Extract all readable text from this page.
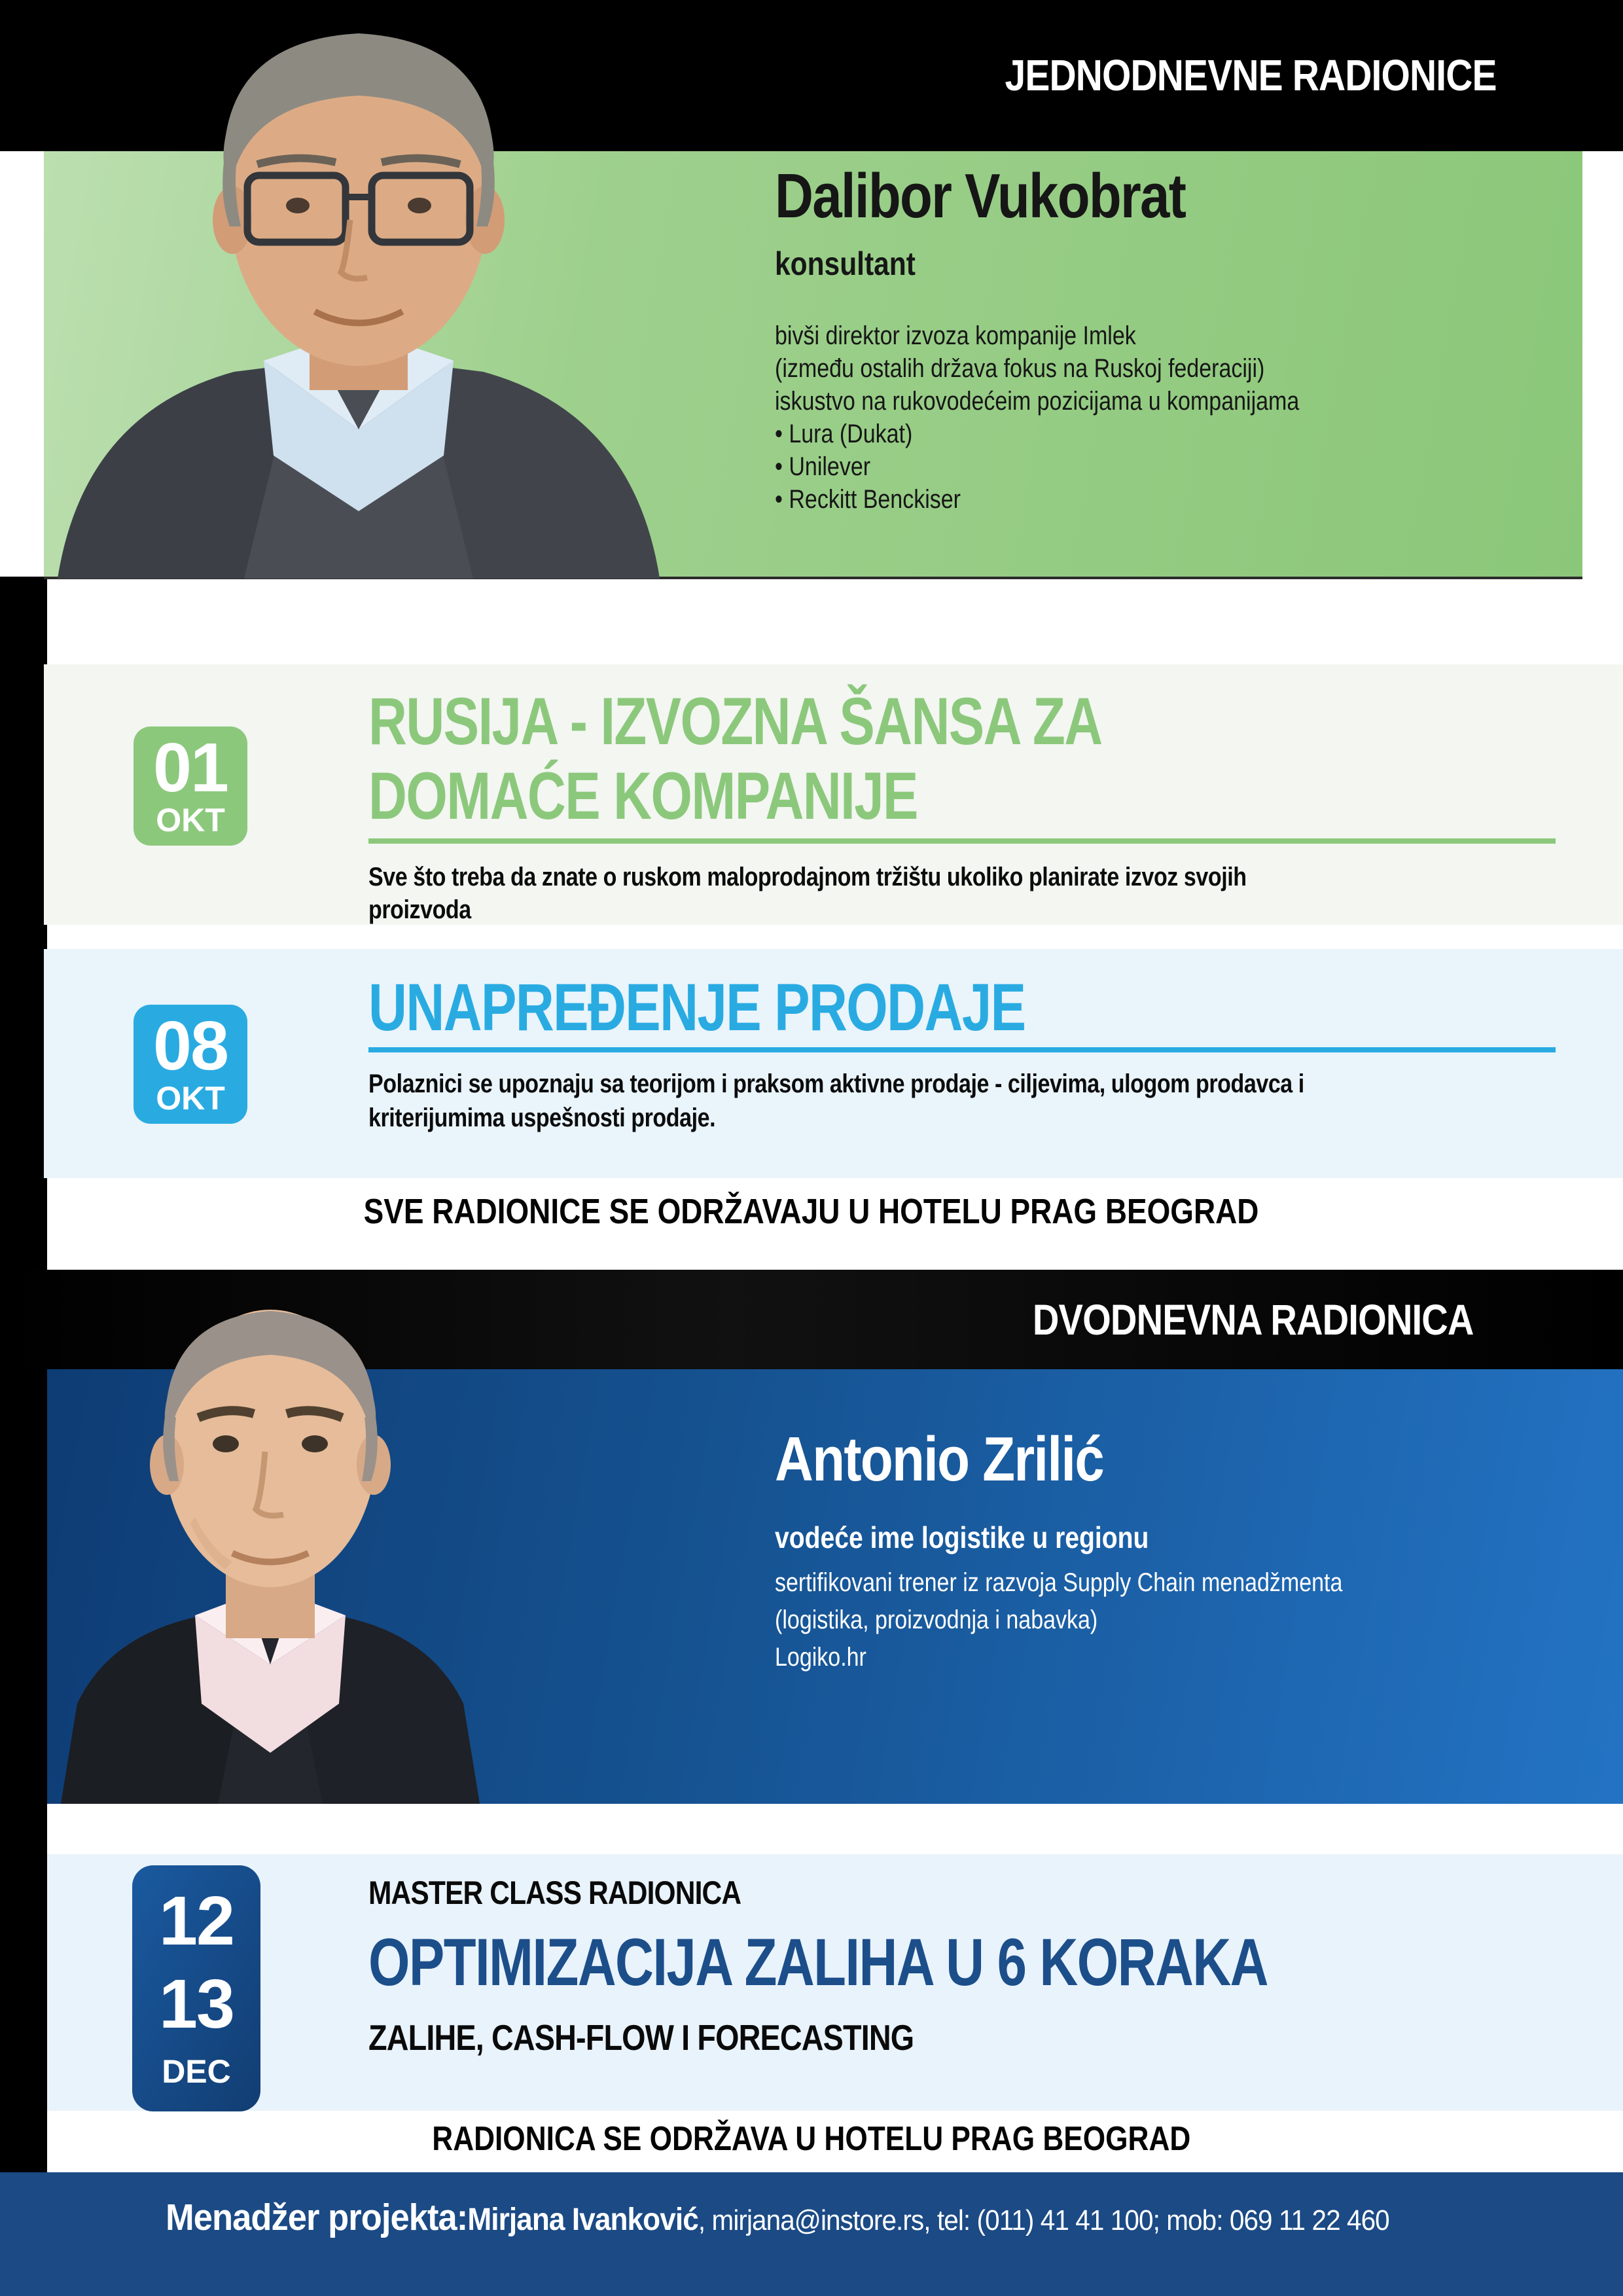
JEDNODNEVNE RADIONICE
Dalibor Vukobrat
konsultant
bivši direktor izvoza kompanije Imlek
(između ostalih država fokus na Ruskoj federaciji)
iskustvo na rukovodećeim pozicijama u kompanijama
• Lura (Dukat)
• Unilever
• Reckitt Benckiser
01
OKT
RUSIJA - IZVOZNA ŠANSA ZA
DOMAĆE KOMPANIJE
Sve što treba da znate o ruskom maloprodajnom tržištu ukoliko planirate izvoz svojih
proizvoda
08
OKT
UNAPREĐENJE PRODAJE
Polaznici se upoznaju sa teorijom i praksom aktivne prodaje - ciljevima, ulogom prodavca i
kriterijumima uspešnosti prodaje.
SVE RADIONICE SE ODRŽAVAJU U HOTELU PRAG BEOGRAD
DVODNEVNA RADIONICA
Antonio Zrilić
vodeće ime logistike u regionu
sertifikovani trener iz razvoja Supply Chain menadžmenta
(logistika, proizvodnja i nabavka)
Logiko.hr
12
13
DEC
MASTER CLASS RADIONICA
OPTIMIZACIJA ZALIHA U 6 KORAKA
ZALIHE, CASH-FLOW I FORECASTING
RADIONICA SE ODRŽAVA U HOTELU PRAG BEOGRAD
Menadžer projekta: Mirjana Ivanković , mirjana@instore.rs, tel: (011) 41 41 100; mob: 069 11 22 460
